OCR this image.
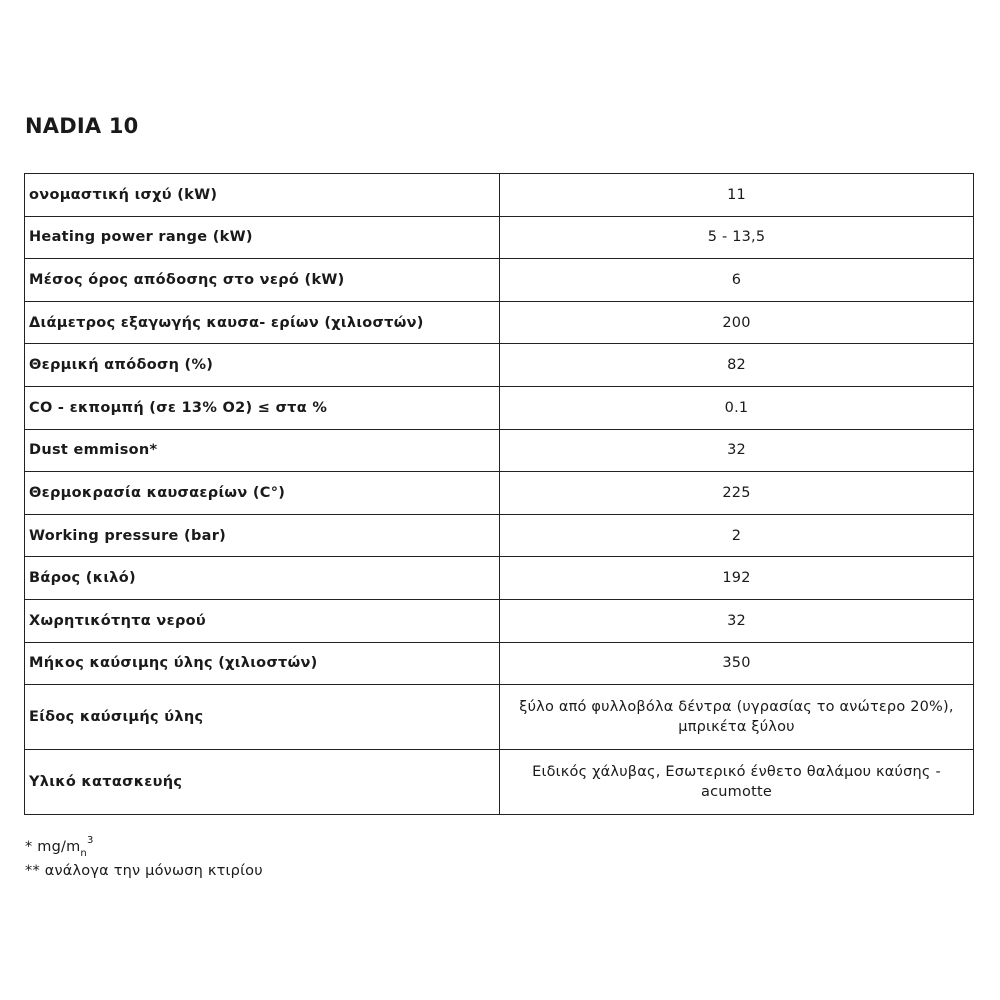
NADIA 10
ονομαστική ισχύ (kW)	11
Heating power range (kW)	5 - 13,5
Μέσος όρος απόδοσης στο νερό (kW)	6
Διάμετρος εξαγωγής καυσα- ερίων (χιλιοστών)	200
Θερμική απόδοση (%)	82
CO - εκπομπή (σε 13% O2) ≤ στα %	0.1
Dust emmison*	32
Θερμοκρασία καυσαερίων (C°)	225
Working pressure (bar)	2
Βάρος (κιλό)	192
Χωρητικότητα νερού	32
Μήκος καύσιμης ύλης (χιλιοστών)	350
Είδος καύσιμής ύλης	ξύλο από φυλλοβόλα δέντρα (υγρασίας το ανώτερο 20%),
μπρικέτα ξύλου

Υλικό κατασκευής	Ειδικός χάλυβας, Εσωτερικό ένθετο θαλάμου καύσης -
acumotte
* $mg/m_n^3$
** ανάλογα την μόνωση κτιρίου
